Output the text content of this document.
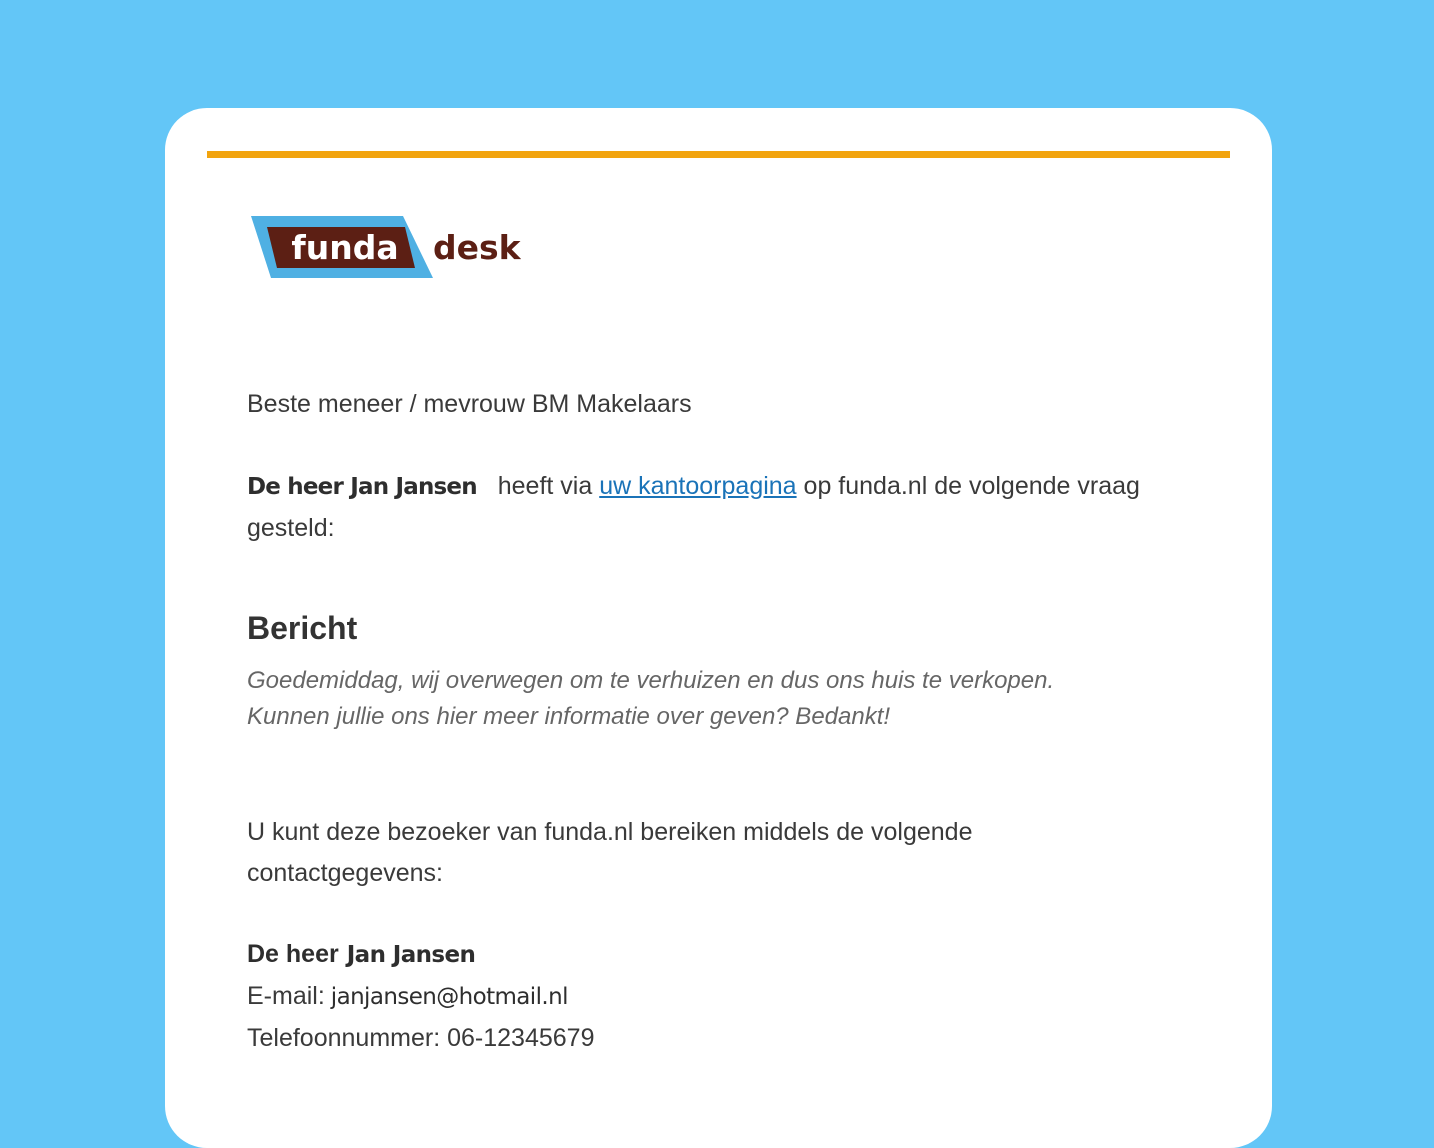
funda desk
Beste meneer / mevrouw BM Makelaars
De heer Jan Jansen heeft via uw kantoorpagina op funda.nl de volgende vraag gesteld:
Bericht
Goedemiddag, wij overwegen om te verhuizen en dus ons huis te verkopen. Kunnen jullie ons hier meer informatie over geven? Bedankt!
U kunt deze bezoeker van funda.nl bereiken middels de volgende contactgegevens:
De heer Jan Jansen
E-mail: janjansen@hotmail.nl
Telefoonnummer: 06-12345679
